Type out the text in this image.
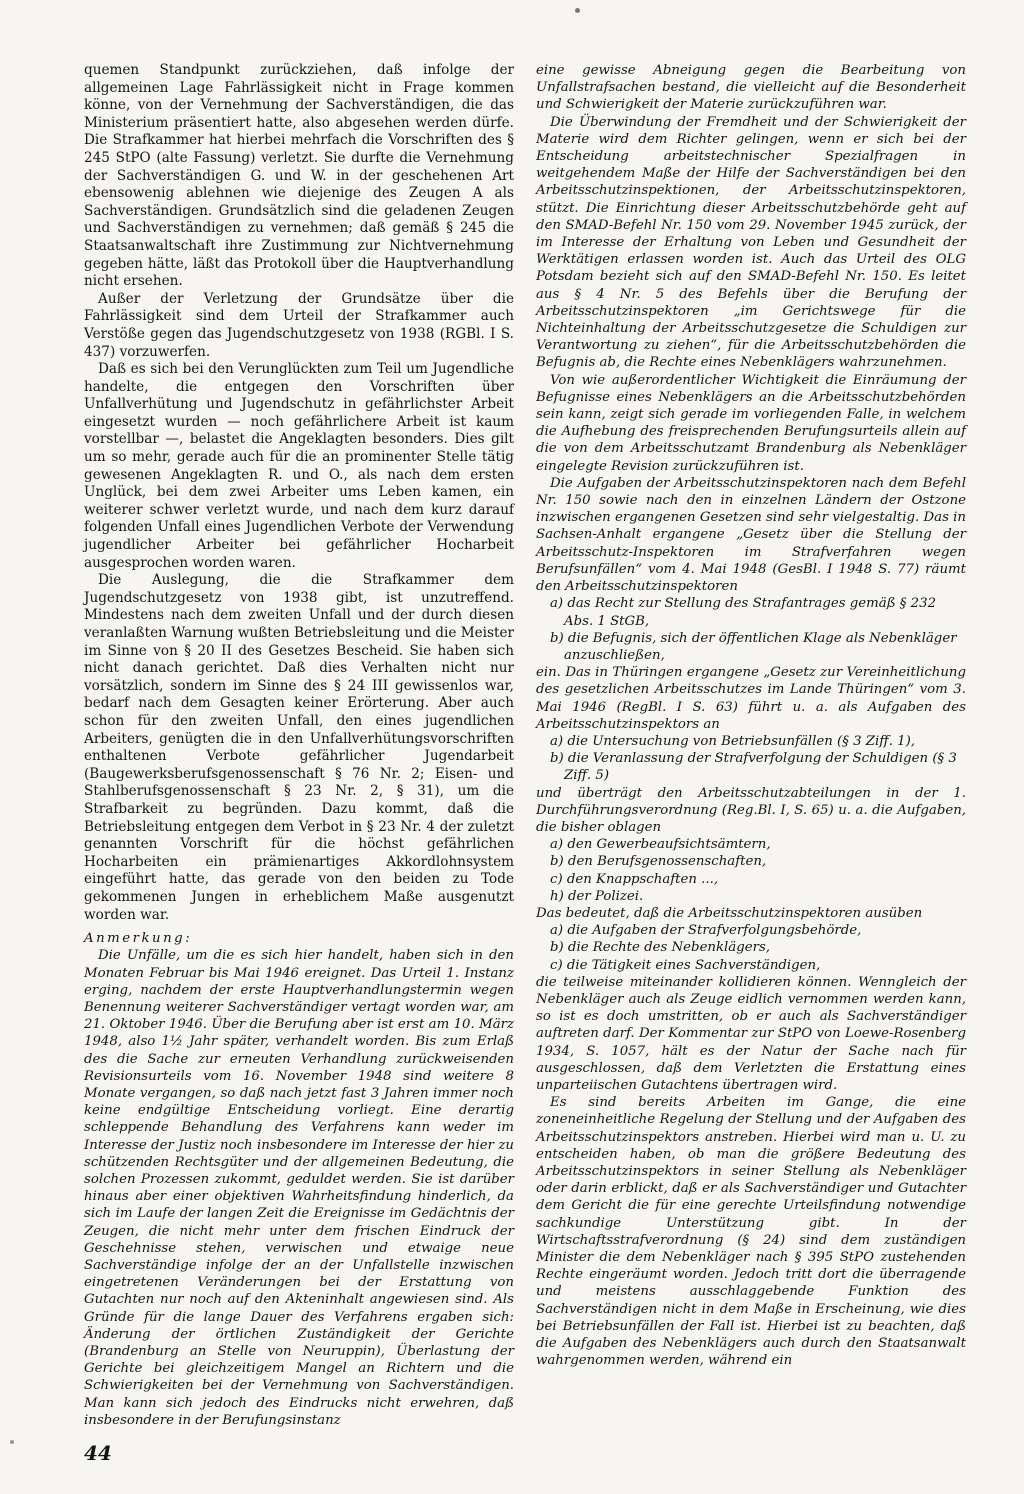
quemen Standpunkt zurückziehen, daß infolge der allgemeinen Lage Fahrlässigkeit nicht in Frage kommen könne, von der Vernehmung der Sachverständigen, die das Ministerium präsentiert hatte, also abgesehen werden dürfe. Die Strafkammer hat hierbei mehrfach die Vorschriften des § 245 StPO (alte Fassung) verletzt. Sie durfte die Vernehmung der Sachverständigen G. und W. in der geschehenen Art ebensowenig ablehnen wie diejenige des Zeugen A als Sachverständigen. Grundsätzlich sind die geladenen Zeugen und Sachverständigen zu vernehmen; daß gemäß § 245 die Staatsanwaltschaft ihre Zustimmung zur Nichtvernehmung gegeben hätte, läßt das Protokoll über die Hauptverhandlung nicht ersehen.

Außer der Verletzung der Grundsätze über die Fahrlässigkeit sind dem Urteil der Strafkammer auch Verstöße gegen das Jugendschutzgesetz von 1938 (RGBl. I S. 437) vorzuwerfen.

Daß es sich bei den Verunglückten zum Teil um Jugendliche handelte, die entgegen den Vorschriften über Unfallverhütung und Jugendschutz in gefährlichster Arbeit eingesetzt wurden — noch gefährlichere Arbeit ist kaum vorstellbar —, belastet die Angeklagten besonders. Dies gilt um so mehr, gerade auch für die an prominenter Stelle tätig gewesenen Angeklagten R. und O., als nach dem ersten Unglück, bei dem zwei Arbeiter ums Leben kamen, ein weiterer schwer verletzt wurde, und nach dem kurz darauf folgenden Unfall eines Jugendlichen Verbote der Verwendung jugendlicher Arbeiter bei gefährlicher Hocharbeit ausgesprochen worden waren.

Die Auslegung, die die Strafkammer dem Jugendschutzgesetz von 1938 gibt, ist unzutreffend. Mindestens nach dem zweiten Unfall und der durch diesen veranlaßten Warnung wußten Betriebsleitung und die Meister im Sinne von § 20 II des Gesetzes Bescheid. Sie haben sich nicht danach gerichtet. Daß dies Verhalten nicht nur vorsätzlich, sondern im Sinne des § 24 III gewissenlos war, bedarf nach dem Gesagten keiner Erörterung. Aber auch schon für den zweiten Unfall, den eines jugendlichen Arbeiters, genügten die in den Unfallverhütungsvorschriften enthaltenen Verbote gefährlicher Jugendarbeit (Baugewerksberufsgenossenschaft § 76 Nr. 2; Eisen- und Stahlberufsgenossenschaft § 23 Nr. 2, § 31), um die Strafbarkeit zu begründen. Dazu kommt, daß die Betriebsleitung entgegen dem Verbot in § 23 Nr. 4 der zuletzt genannten Vorschrift für die höchst gefährlichen Hocharbeiten ein prämienartiges Akkordlohnsystem eingeführt hatte, das gerade von den beiden zu Tode gekommenen Jungen in erheblichem Maße ausgenutzt worden war.

Anmerkung:

Die Unfälle, um die es sich hier handelt, haben sich in den Monaten Februar bis Mai 1946 ereignet. Das Urteil 1. Instanz erging, nachdem der erste Hauptverhandlungstermin wegen Benennung weiterer Sachverständiger vertagt worden war, am 21. Oktober 1946. Über die Berufung aber ist erst am 10. März 1948, also 1½ Jahr später, verhandelt worden. Bis zum Erlaß des die Sache zur erneuten Verhandlung zurückweisenden Revisionsurteils vom 16. November 1948 sind weitere 8 Monate vergangen, so daß nach jetzt fast 3 Jahren immer noch keine endgültige Entscheidung vorliegt. Eine derartig schleppende Behandlung des Verfahrens kann weder im Interesse der Justiz noch insbesondere im Interesse der hier zu schützenden Rechtsgüter und der allgemeinen Bedeutung, die solchen Prozessen zukommt, geduldet werden. Sie ist darüber hinaus aber einer objektiven Wahrheitsfindung hinderlich, da sich im Laufe der langen Zeit die Ereignisse im Gedächtnis der Zeugen, die nicht mehr unter dem frischen Eindruck der Geschehnisse stehen, verwischen und etwaige neue Sachverständige infolge der an der Unfallstelle inzwischen eingetretenen Veränderungen bei der Erstattung von Gutachten nur noch auf den Akteninhalt angewiesen sind. Als Gründe für die lange Dauer des Verfahrens ergaben sich: Änderung der örtlichen Zuständigkeit der Gerichte (Brandenburg an Stelle von Neuruppin), Überlastung der Gerichte bei gleichzeitigem Mangel an Richtern und die Schwierigkeiten bei der Vernehmung von Sachverständigen. Man kann sich jedoch des Eindrucks nicht erwehren, daß insbesondere in der Berufungsinstanz

eine gewisse Abneigung gegen die Bearbeitung von Unfallstrafsachen bestand, die vielleicht auf die Besonderheit und Schwierigkeit der Materie zurückzuführen war.

Die Überwindung der Fremdheit und der Schwierigkeit der Materie wird dem Richter gelingen, wenn er sich bei der Entscheidung arbeitstechnischer Spezialfragen in weitgehendem Maße der Hilfe der Sachverständigen bei den Arbeitsschutzinspektionen, der Arbeitsschutzinspektoren, stützt. Die Einrichtung dieser Arbeitsschutzbehörde geht auf den SMAD-Befehl Nr. 150 vom 29. November 1945 zurück, der im Interesse der Erhaltung von Leben und Gesundheit der Werktätigen erlassen worden ist. Auch das Urteil des OLG Potsdam bezieht sich auf den SMAD-Befehl Nr. 150. Es leitet aus § 4 Nr. 5 des Befehls über die Berufung der Arbeitsschutzinspektoren „im Gerichtswege für die Nichteinhaltung der Arbeitsschutzgesetze die Schuldigen zur Verantwortung zu ziehen“, für die Arbeitsschutzbehörden die Befugnis ab, die Rechte eines Nebenklägers wahrzunehmen.

Von wie außerordentlicher Wichtigkeit die Einräumung der Befugnisse eines Nebenklägers an die Arbeitsschutzbehörden sein kann, zeigt sich gerade im vorliegenden Falle, in welchem die Aufhebung des freisprechenden Berufungsurteils allein auf die von dem Arbeitsschutzamt Brandenburg als Nebenkläger eingelegte Revision zurückzuführen ist.

Die Aufgaben der Arbeitsschutzinspektoren nach dem Befehl Nr. 150 sowie nach den in einzelnen Ländern der Ostzone inzwischen ergangenen Gesetzen sind sehr vielgestaltig. Das in Sachsen-Anhalt ergangene „Gesetz über die Stellung der Arbeitsschutz-Inspektoren im Strafverfahren wegen Berufsunfällen“ vom 4. Mai 1948 (GesBl. I 1948 S. 77) räumt den Arbeitsschutzinspektoren

a) das Recht zur Stellung des Strafantrages gemäß § 232 Abs. 1 StGB,
b) die Befugnis, sich der öffentlichen Klage als Nebenkläger anzuschließen,

ein. Das in Thüringen ergangene „Gesetz zur Vereinheitlichung des gesetzlichen Arbeitsschutzes im Lande Thüringen“ vom 3. Mai 1946 (RegBl. I S. 63) führt u. a. als Aufgaben des Arbeitsschutzinspektors an

a) die Untersuchung von Betriebsunfällen (§ 3 Ziff. 1),
b) die Veranlassung der Strafverfolgung der Schuldigen (§ 3 Ziff. 5)

und überträgt den Arbeitsschutzabteilungen in der 1. Durchführungsverordnung (Reg.Bl. I, S. 65) u. a. die Aufgaben, die bisher oblagen

a) den Gewerbeaufsichtsämtern,
b) den Berufsgenossenschaften,
c) den Knappschaften ...,
h) der Polizei.

Das bedeutet, daß die Arbeitsschutzinspektoren ausüben

a) die Aufgaben der Strafverfolgungsbehörde,
b) die Rechte des Nebenklägers,
c) die Tätigkeit eines Sachverständigen,

die teilweise miteinander kollidieren können. Wenngleich der Nebenkläger auch als Zeuge eidlich vernommen werden kann, so ist es doch umstritten, ob er auch als Sachverständiger auftreten darf. Der Kommentar zur StPO von Loewe-Rosenberg 1934, S. 1057, hält es der Natur der Sache nach für ausgeschlossen, daß dem Verletzten die Erstattung eines unparteiischen Gutachtens übertragen wird.

Es sind bereits Arbeiten im Gange, die eine zoneneinheitliche Regelung der Stellung und der Aufgaben des Arbeitsschutzinspektors anstreben. Hierbei wird man u. U. zu entscheiden haben, ob man die größere Bedeutung des Arbeitsschutzinspektors in seiner Stellung als Nebenkläger oder darin erblickt, daß er als Sachverständiger und Gutachter dem Gericht die für eine gerechte Urteilsfindung notwendige sachkundige Unterstützung gibt. In der Wirtschaftsstrafverordnung (§ 24) sind dem zuständigen Minister die dem Nebenkläger nach § 395 StPO zustehenden Rechte eingeräumt worden. Jedoch tritt dort die überragende und meistens ausschlaggebende Funktion des Sachverständigen nicht in dem Maße in Erscheinung, wie dies bei Betriebsunfällen der Fall ist. Hierbei ist zu beachten, daß die Aufgaben des Nebenklägers auch durch den Staatsanwalt wahrgenommen werden, während ein

44
